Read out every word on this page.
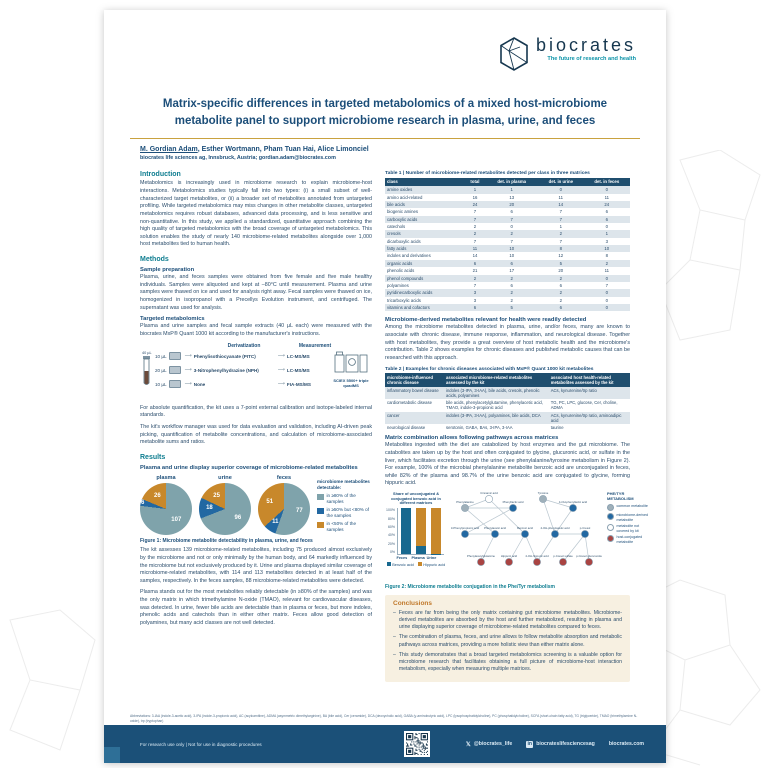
biocrates
The future of research and health
Matrix-specific differences in targeted metabolomics of a mixed host-microbiome
metabolite panel to support microbiome research in plasma, urine, and feces
M. Gordian Adam, Esther Wortmann, Pham Tuan Hai, Alice Limonciel
biocrates life sciences ag, Innsbruck, Austria; gordian.adam@biocrates.com
Introduction

Metabolomics is increasingly used in microbiome research to explain microbiome-host interactions. Metabolomics studies typically fall into two types: (i) a small subset of well-characterized target metabolites, or (ii) a broader set of metabolites annotated from untargeted profiling. While targeted metabolomics may miss changes in other metabolite classes, untargeted metabolomics requires robust databases, advanced data processing, and is less sensitive and non-quantitative. In this study, we applied a standardized, quantitative approach combining the high quality of targeted metabolomics with the broad coverage of untargeted metabolomics. This solution enables the study of nearly 140 microbiome-related metabolites alongside over 1,000 host metabolites tied to human health.

Methods
Sample preparation

Plasma, urine, and feces samples were obtained from five female and five male healthy individuals. Samples were aliquoted and kept at –80°C until measurement. Plasma and urine samples were thawed on ice and used for analysis right away. Fecal samples were thawed on ice, homogenized in isopropanol with a Precellys Evolution instrument, and centrifuged. The supernatant was used for analysis.

Targeted metabolomics

Plasma and urine samples and fecal sample extracts (40 µL each) were measured with the biocrates MxP® Quant 1000 kit according to the manufacturer's instructions.

Derivatization	Measurement
40 µL
10 µL	⟶ Phenylisothiocyanate (PITC)	⟶ LC-MS/MS
20 µL	⟶ 3-Nitrophenylhydrazine (NPH)	⟶ LC-MS/MS
10 µL	⟶ None	⟶ FIA-MS/MS
SCIEX 5500+ triple quadMS

For absolute quantification, the kit uses a 7-point external calibration and isotope-labeled internal standards.

The kit's workflow manager was used for data evaluation and validation, including AI-driven peak picking, quantification of metabolite concentrations, and calculation of microbiome-associated metabolite sums and ratios.

Results
Plasma and urine display superior coverage of microbiome-related metabolites
plasma
107
6
26
urine
96
18
25
feces
77
11
51
microbiome metabolites detectable:
in ≥80% of the samples
in ≥50% but <80% of the samples
in <50% of the samples
Figure 1: Microbiome metabolite detectability in plasma, urine, and feces

The kit assesses 139 microbiome-related metabolites, including 75 produced almost exclusively by the microbiome and not or only minimally by the human body, and 64 markedly influenced by the microbiome but not exclusively produced by it. Urine and plasma displayed similar coverage of microbiome-related metabolites, with 114 and 113 metabolites detected in at least half of the samples, respectively. In the feces samples, 88 microbiome-related metabolites were detected.

Plasma stands out for the most metabolites reliably detectable (in ≥80% of the samples) and was the only matrix in which trimethylamine N-oxide (TMAO), relevant for cardiovascular diseases, was detected. In urine, fewer bile acids are detectable than in plasma or feces, but more indoles, phenolic acids and catechols than in either other matrix. Feces allow good detection of polyamines, but many acid classes are not well detected.

Table 1 | Number of microbiome-related metabolites detected per class in three matrices
class	total	det. in plasma	det. in urine	det. in feces
amine oxides	1	1	0	0
amino acid-related	16	13	11	11
bile acids	24	20	14	24
biogenic amines	7	6	7	6
carboxylic acids	7	7	7	6
catechols	2	0	1	0
cresols	2	2	2	1
dicarboxylic acids	7	7	7	3
fatty acids	11	10	8	10
indoles and derivatives	14	10	12	8
organic acids	6	6	5	2
phenolic acids	21	17	20	11
phenol compounds	2	2	2	0
polyamines	7	6	6	7
pyridinecarboxylic acids	3	2	2	0
tricarboxylic acids	3	2	2	0
vitamins and cofactors	6	5	6	0
Microbiome-derived metabolites relevant for health were readily detected

Among the microbiome metabolites detected in plasma, urine, and/or feces, many are known to associate with chronic disease, immune response, inflammation, and neurological disease. Together with host metabolites, they provide a great overview of host metabolic health and the microbiome's contribution. Table 2 shows examples for chronic diseases and published metabolic causes that can be researched with this approach.

Table 2 | Examples for chronic diseases associated with MxP® Quant 1000 kit metabolites
microbiome-influenced chronic disease	associated microbiome-related metabolites assessed by the kit	associated host health-related metabolites assessed by the kit
inflammatory bowel disease	indoles (3-IPA, 3-IAA), bile acids, cresols, phenolic acids, polyamines	ACs, kynurenine/trp ratio
cardiometabolic disease	bile acids, phenylacetylglutamine, phenylacetic acid, TMAO, indole-3-propionic acid	TG, PC, LPC, glucose, Cer, choline, ADMA
cancer	indoles (3-IPA, 3-IAA), polyamines, bile acids, DCA	ACs, kynurenine/trp ratio, aminoadipic acid
neurological disease	serotonin, GABA, BAs, 3-IPA, 3-IAA	taurine
Matrix combination allows following pathways across matrices

Metabolites ingested with the diet are catabolized by host enzymes and the gut microbiome. The catabolites are taken up by the host and often conjugated to glycine, glucuronic acid, or sulfate in the liver, which facilitates excretion through the urine (see phenylalanine/tyrosine metabolism in Figure 2). For example, 100% of the microbial phenylalanine metabolite benzoic acid are unconjugated in feces, while 82% of the plasma and 98.7% of the urine benzoic acid are conjugated to glycine, forming hippuric acid.

Share of unconjugated & conjugated benzoic acid in different matrices
100%
80%
60%
40%
20%
0%
Feces Plasma Urine
Benzoic acid	Hippuric acid
Phenylalanine
Cinnamic acid
Phenyllactic acid
Tyrosine
4-OH-phenyllactic acid
3-Phenylpropionic acid Phenylacetic acid	Benzoic acid	4-OH-phenylacetic acid	p-Cresol
Phenylacetylglutamine Hippuric acid	4-OH-hippuric acid p-Cresol sulfate p-Cresol glucuronide
PHE/TYR METABOLISM
common metabolite
microbiome-derived metabolite
metabolite not covered by kit
host-conjugated metabolite
Figure 2: Microbiome metabolite conjugation in the Phe/Tyr metabolism
Conclusions
– Feces are far from being the only matrix containing gut microbiome metabolites. Microbiome-derived metabolites are absorbed by the host and further metabolized, resulting in plasma and urine displaying superior coverage of microbiome-related metabolites compared to feces.
– The combination of plasma, feces, and urine allows to follow metabolite absorption and metabolic pathways across matrices, providing a more holistic view than either matrix alone.
– This study demonstrates that a broad targeted metabolomics screening is a valuable option for microbiome research that facilitates obtaining a full picture of microbiome-host interaction metabolism, especially when measuring multiple matrices.
Abbreviations: 3-IAA (indole-3-acetic acid), 3-IPA (indole-3-propionic acid), AC (acylcarnitine), ADMA (asymmetric dimethylarginine), BA (bile acid), Cer (ceramide), DCA (deoxycholic acid), GABA (γ-aminobutyric acid), LPC (lysophosphatidylcholine), PC (phosphatidylcholine), SCFA (short-chain fatty acid), TG (triglyceride), TMAO (trimethylamine N-oxide), trp (tryptophan)
For research use only | Not for use in diagnostic procedures	𝕏 @biocrates_life	in biocrateslifesciencesag	biocrates.com
